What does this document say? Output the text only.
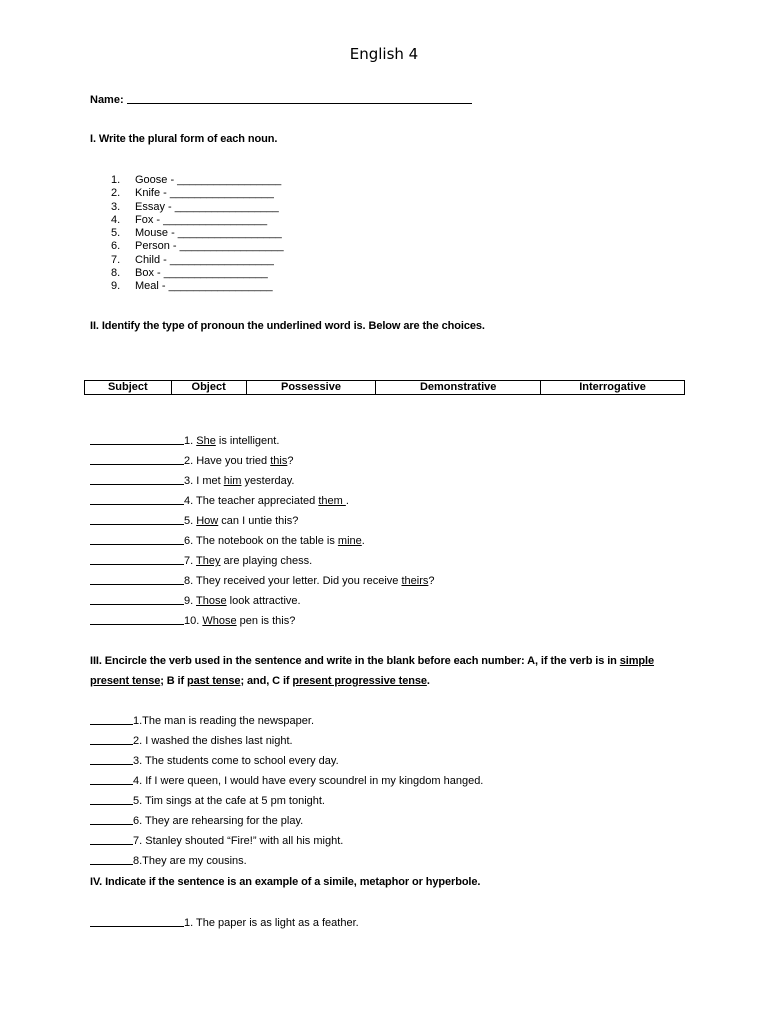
English 4
Name:
I. Write the plural form of each noun.
1. Goose - _________________
2. Knife - _________________
3. Essay - _________________
4. Fox - _________________
5. Mouse - _________________
6. Person - _________________
7. Child - _________________
8. Box - _________________
9. Meal - _________________
II. Identify the type of pronoun the underlined word is. Below are the choices.
Subject	Object	Possessive	Demonstrative	Interrogative
1. She is intelligent.
2. Have you tried this?
3. I met him yesterday.
4. The teacher appreciated them .
5. How can I untie this?
6. The notebook on the table is mine.
7. They are playing chess.
8. They received your letter. Did you receive theirs?
9. Those look attractive.
10. Whose pen is this?
III. Encircle the verb used in the sentence and write in the blank before each number: A, if the verb is in simple present tense; B if past tense; and, C if present progressive tense.
1.The man is reading the newspaper.
2. I washed the dishes last night.
3. The students come to school every day.
4. If I were queen, I would have every scoundrel in my kingdom hanged.
5. Tim sings at the cafe at 5 pm tonight.
6. They are rehearsing for the play.
7. Stanley shouted “Fire!” with all his might.
8.They are my cousins.
IV. Indicate if the sentence is an example of a simile, metaphor or hyperbole.
1. The paper is as light as a feather.
